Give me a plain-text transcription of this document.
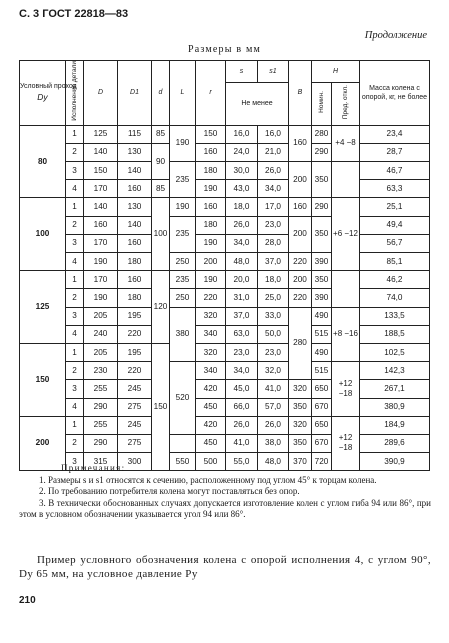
С. 3 ГОСТ 22818—83
Продолжение
Размеры в мм
Условный проход
Dy	Исполнение детали	D	D1	d	L	r	s	s1	B	H		Масса колена с опорой, кг, не более
							Не менее			Номин.	Пред. откл.	

80	1	125	115	85	190	150	16,0	16,0	160	280	+4 −8	23,4
	2	140	130	90		160	24,0	21,0		290		28,7
	3	150	140		235	180	30,0	26,0	200	350		46,7
	4	170	160	85		190	43,0	34,0				63,3
100	1	140	130	100	190	160	18,0	17,0	160	290	+6 −12	25,1
	2	160	140		235	180	26,0	23,0	200	350		49,4
	3	170	160			190	34,0	28,0				56,7
	4	190	180		250	200	48,0	37,0	220	390		85,1
125	1	170	160	120	235	190	20,0	18,0	200	350		46,2
	2	190	180		250	220	31,0	25,0	220	390		74,0
	3	205	195		380	320	37,0	33,0	280	490	+8 −16	133,5
	4	240	220			340	63,0	50,0		515		188,5
150	1	205	195	150		320	23,0	23,0		490		102,5
	2	230	220		520	340	34,0	32,0		515	+12 −18	142,3
	3	255	245			420	45,0	41,0	320	650		267,1
	4	290	275			450	66,0	57,0	350	670		380,9
200	1	255	245			420	26,0	26,0	320	650	+12 −18	184,9
	2	290	275			450	41,0	38,0	350	670		289,6
	3	315	300		550	500	55,0	48,0	370	720		390,9
Примечания:

1. Размеры s и s1 относятся к сечению, расположенному под углом 45° к торцам колена.

2. По требованию потребителя колена могут поставляться без опор.

3. В технически обоснованных случаях допускается изготовление колен с углом гиба 94 или 86°, при этом в условном обозначении указывается угол 94 или 86°.

Пример условного обозначения колена с опорой исполнения 4, с углом 90°, Dy 65 мм, на условное давление Py
210
